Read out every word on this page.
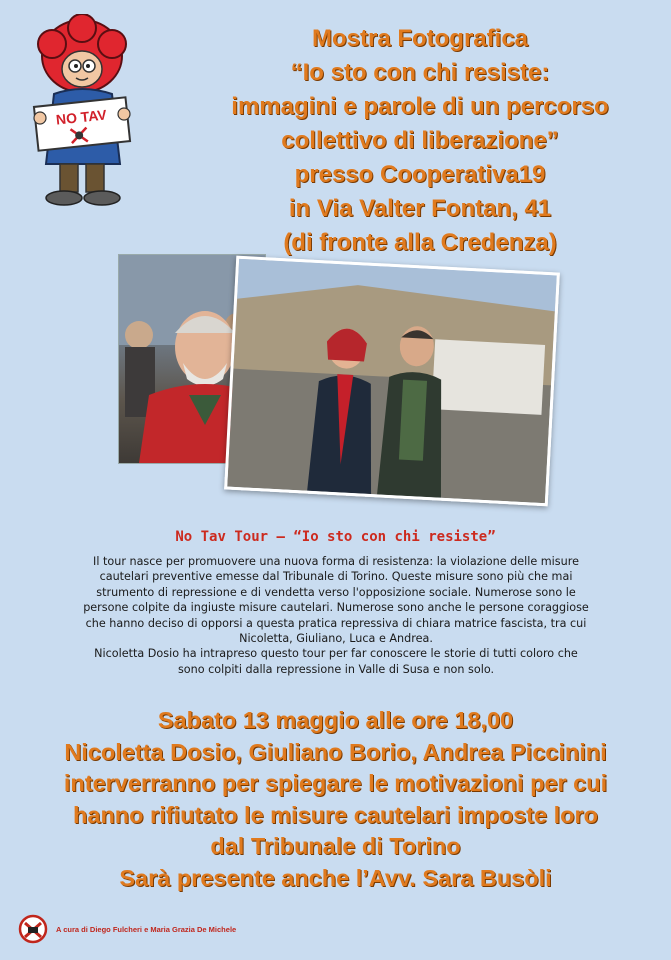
NO TAV
Mostra Fotografica
“Io sto con chi resiste:
immagini e parole di un percorso
collettivo di liberazione”
presso Cooperativa19
in Via Valter Fontan, 41
(di fronte alla Credenza)
No Tav Tour – “Io sto con chi resiste”

Il tour nasce per promuovere una nuova forma di resistenza: la violazione delle misure cautelari preventive emesse dal Tribunale di Torino. Queste misure sono più che mai strumento di repressione e di vendetta verso l'opposizione sociale. Numerose sono le persone colpite da ingiuste misure cautelari. Numerose sono anche le persone coraggiose che hanno deciso di opporsi a questa pratica repressiva di chiara matrice fascista, tra cui Nicoletta, Giuliano, Luca e Andrea.

Nicoletta Dosio ha intrapreso questo tour per far conoscere le storie di tutti coloro che sono colpiti dalla repressione in Valle di Susa e non solo.

Sabato 13 maggio alle ore 18,00
Nicoletta Dosio, Giuliano Borio, Andrea Piccinini
interverranno per spiegare le motivazioni per cui
hanno rifiutato le misure cautelari imposte loro
dal Tribunale di Torino
Sarà presente anche l’Avv. Sara Busòli
A cura di Diego Fulcheri e Maria Grazia De Michele
